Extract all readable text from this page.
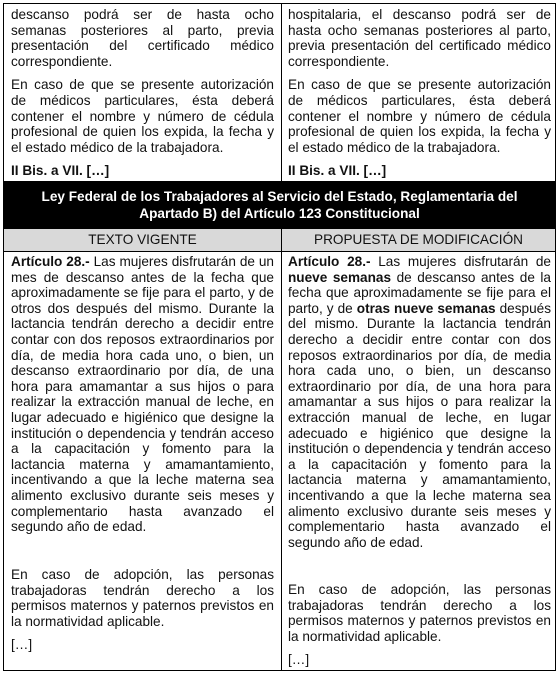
descanso podrá ser de hasta ocho semanas posteriores al parto, previa presentación del certificado médico correspondiente.

En caso de que se presente autorización de médicos particulares, ésta deberá contener el nombre y número de cédula profesional de quien los expida, la fecha y el estado médico de la trabajadora.

II Bis. a VII. […]

hospitalaria, el descanso podrá ser de hasta ocho semanas posteriores al parto, previa presentación del certificado médico correspondiente.

En caso de que se presente autorización de médicos particulares, ésta deberá contener el nombre y número de cédula profesional de quien los expida, la fecha y el estado médico de la trabajadora.

II Bis. a VII. […]

Ley Federal de los Trabajadores al Servicio del Estado, Reglamentaria del Apartado B) del Artículo 123 Constitucional
TEXTO VIGENTE	PROPUESTA DE MODIFICACIÓN

Artículo 28.- Las mujeres disfrutarán de un mes de descanso antes de la fecha que aproximadamente se fije para el parto, y de otros dos después del mismo. Durante la lactancia tendrán derecho a decidir entre contar con dos reposos extraordinarios por día, de media hora cada uno, o bien, un descanso extraordinario por día, de una hora para amamantar a sus hijos o para realizar la extracción manual de leche, en lugar adecuado e higiénico que designe la institución o dependencia y tendrán acceso a la capacitación y fomento para la lactancia materna y amamantamiento, incentivando a que la leche materna sea alimento exclusivo durante seis meses y complementario hasta avanzado el segundo año de edad.

En caso de adopción, las personas trabajadoras tendrán derecho a los permisos maternos y paternos previstos en la normatividad aplicable.

[…]

Artículo 28.- Las mujeres disfrutarán de nueve semanas de descanso antes de la fecha que aproximadamente se fije para el parto, y de otras nueve semanas después del mismo. Durante la lactancia tendrán derecho a decidir entre contar con dos reposos extraordinarios por día, de media hora cada uno, o bien, un descanso extraordinario por día, de una hora para amamantar a sus hijos o para realizar la extracción manual de leche, en lugar adecuado e higiénico que designe la institución o dependencia y tendrán acceso a la capacitación y fomento para la lactancia materna y amamantamiento, incentivando a que la leche materna sea alimento exclusivo durante seis meses y complementario hasta avanzado el segundo año de edad.

En caso de adopción, las personas trabajadoras tendrán derecho a los permisos maternos y paternos previstos en la normatividad aplicable.

[…]
